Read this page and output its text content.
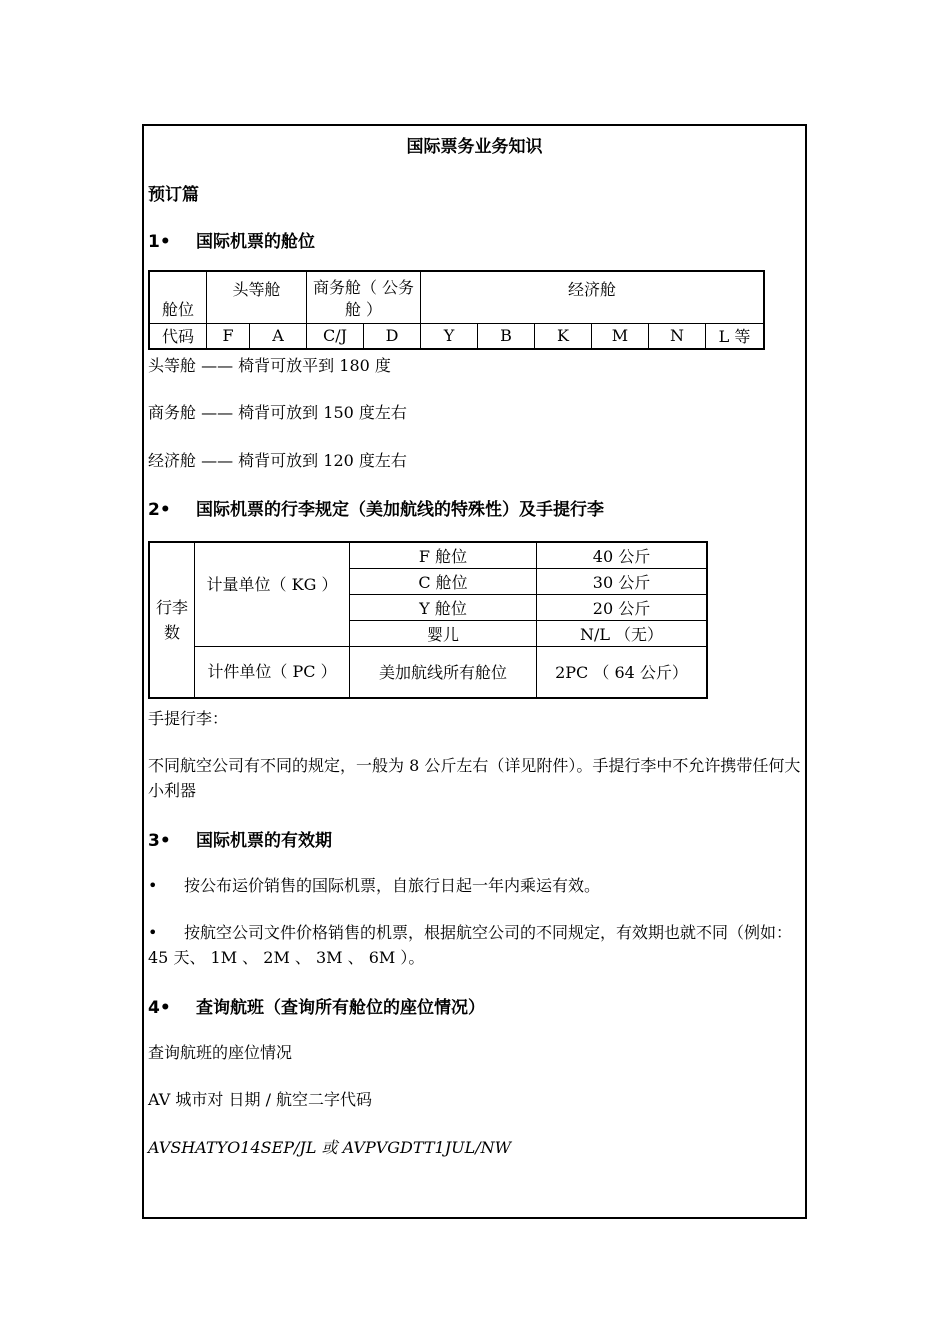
国际票务业务知识
预订篇
1• 国际机票的舱位
舱位	头等舱		商务舱（ 公务舱 ）		经济舱					
代码	F	A	C/J	D	Y	B	K	M	N	L 等
头等舱 —— 椅背可放平到 180 度
商务舱 —— 椅背可放到 150 度左右
经济舱 —— 椅背可放到 120 度左右
2• 国际机票的行李规定（美加航线的特殊性）及手提行李
行李数	计量单位（ KG ）	F 舱位	40 公斤
		C 舱位	30 公斤
		Y 舱位	20 公斤
		婴儿	N/L （无）
	计件单位（ PC ）	美加航线所有舱位	2PC （ 64 公斤）
手提行李：
不同航空公司有不同的规定，一般为 8 公斤左右（详见附件）。手提行李中不允许携带任何大小利器
3• 国际机票的有效期
• 按公布运价销售的国际机票，自旅行日起一年内乘运有效。
• 按航空公司文件价格销售的机票，根据航空公司的不同规定，有效期也就不同（例如： 45 天、 1M 、 2M 、 3M 、 6M ）。
4• 查询航班（查询所有舱位的座位情况）
查询航班的座位情况
AV 城市对 日期 / 航空二字代码
AVSHATYO14SEP/JL 或 AVPVGDTT1JUL/NW
